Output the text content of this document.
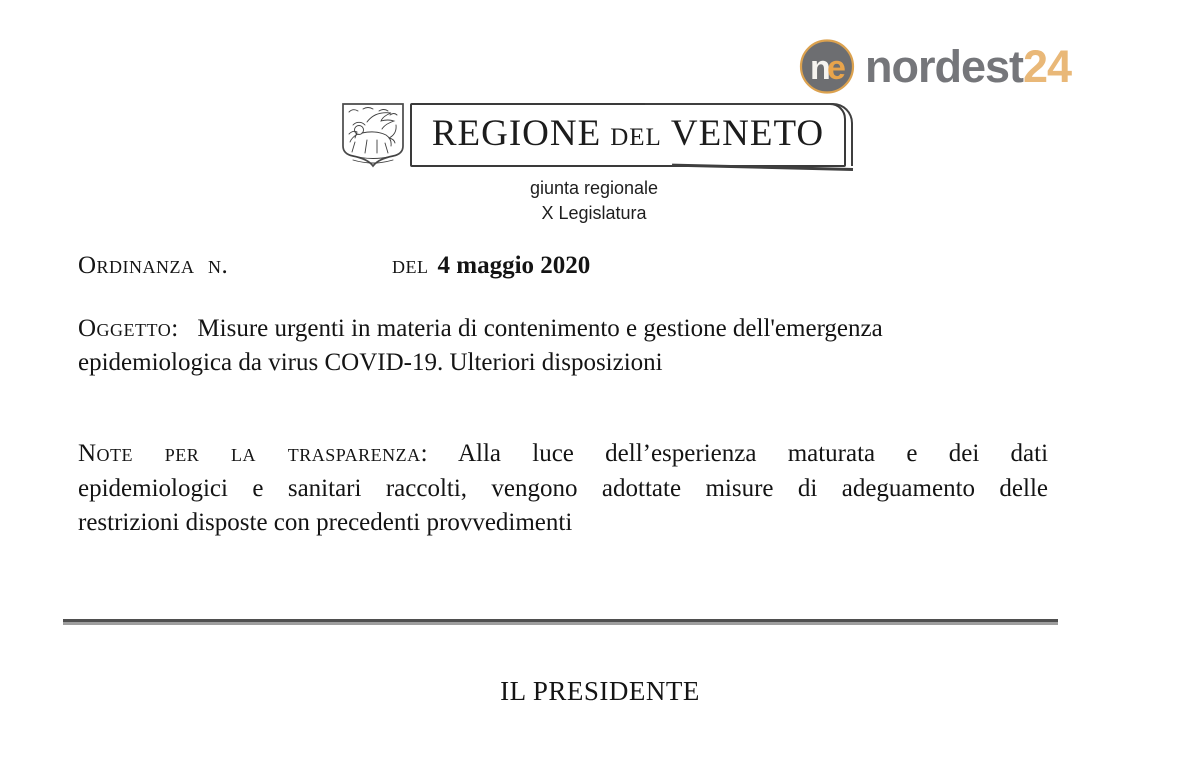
n
e nordest24
REGIONE DEL VENETO
giunta regionale
X Legislatura
Ordinanza  n.	del 4 maggio 2020
Oggetto:   Misure urgenti in materia di contenimento e gestione dell'emergenza
epidemiologica da virus COVID-19. Ulteriori disposizioni
Note per la trasparenza: Alla luce dell’esperienza maturata e dei dati
epidemiologici e sanitari raccolti, vengono adottate misure di adeguamento delle
restrizioni disposte con precedenti provvedimenti
IL PRESIDENTE
